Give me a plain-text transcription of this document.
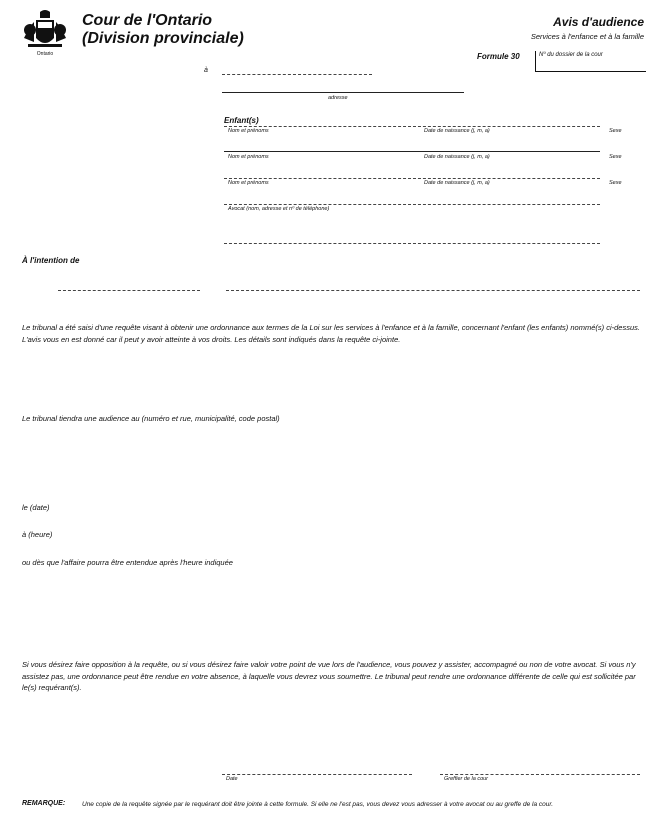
Ontario
Cour de l'Ontario
(Division provinciale)
Avis d'audience
Services à l'enfance et à la famille
Formule 30	Nº du dossier de la cour
à
adresse
Enfant(s)
Nom et prénoms	Date de naissance (j, m, a)	Sexe
Nom et prénoms	Date de naissance (j, m, a)	Sexe
Nom et prénoms	Date de naissance (j, m, a)	Sexe
Avocat (nom, adresse et nº de téléphone)
À l'intention de
Le tribunal a été saisi d'une requête visant à obtenir une ordonnance aux termes de la Loi sur les services à l'enfance et à la famille, concernant l'enfant (les enfants) nommé(s) ci-dessus. L'avis vous en est donné car il peut y avoir atteinte à vos droits. Les détails sont indiqués dans la requête ci-jointe.
Le tribunal tiendra une audience au (numéro et rue, municipalité, code postal)
le (date)
à (heure)
ou dès que l'affaire pourra être entendue après l'heure indiquée
Si vous désirez faire opposition à la requête, ou si vous désirez faire valoir votre point de vue lors de l'audience, vous pouvez y assister, accompagné ou non de votre avocat. Si vous n'y assistez pas, une ordonnance peut être rendue en votre absence, à laquelle vous devrez vous soumettre. Le tribunal peut rendre une ordonnance différente de celle qui est sollicitée par le(s) requérant(s).
Date	Greffier de la cour
REMARQUE:	Une copie de la requête signée par le requérant doit être jointe à cette formule. Si elle ne l'est pas, vous devez vous adresser à votre avocat ou au greffe de la cour.
